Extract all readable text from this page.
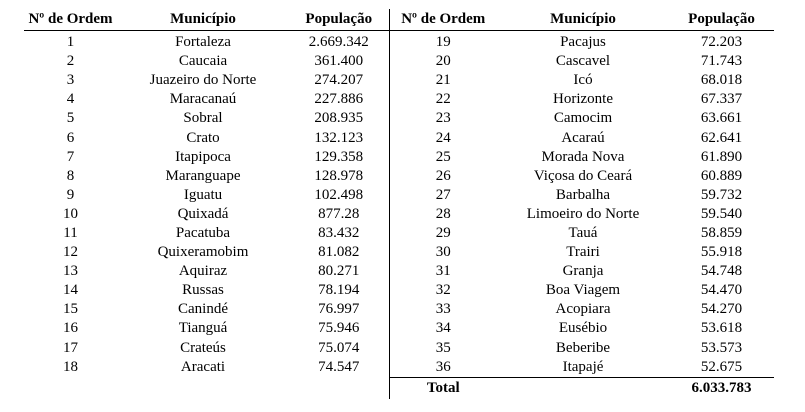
Nº de Ordem	Município	População	Nº de Ordem	Município	População
1	Fortaleza	2.669.342	19	Pacajus	72.203
2	Caucaia	361.400	20	Cascavel	71.743
3	Juazeiro do Norte	274.207	21	Icó	68.018
4	Maracanaú	227.886	22	Horizonte	67.337
5	Sobral	208.935	23	Camocim	63.661
6	Crato	132.123	24	Acaraú	62.641
7	Itapipoca	129.358	25	Morada Nova	61.890
8	Maranguape	128.978	26	Viçosa do Ceará	60.889
9	Iguatu	102.498	27	Barbalha	59.732
10	Quixadá	877.28	28	Limoeiro do Norte	59.540
11	Pacatuba	83.432	29	Tauá	58.859
12	Quixeramobim	81.082	30	Trairi	55.918
13	Aquiraz	80.271	31	Granja	54.748
14	Russas	78.194	32	Boa Viagem	54.470
15	Canindé	76.997	33	Acopiara	54.270
16	Tianguá	75.946	34	Eusébio	53.618
17	Crateús	75.074	35	Beberibe	53.573
18	Aracati	74.547	36	Itapajé	52.675
			Total		6.033.783
